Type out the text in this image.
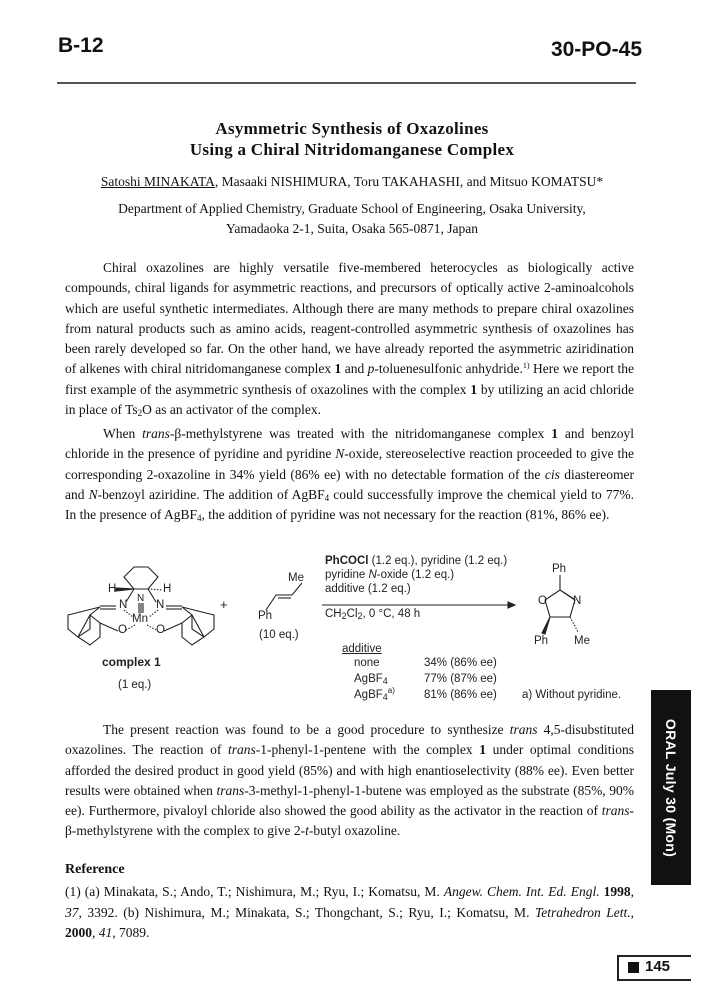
B-12	30-PO-45
Asymmetric Synthesis of Oxazolines
Using a Chiral Nitridomanganese Complex
Satoshi MINAKATA, Masaaki NISHIMURA, Toru TAKAHASHI, and Mitsuo KOMATSU*
Department of Applied Chemistry, Graduate School of Engineering, Osaka University,
Yamadaoka 2-1, Suita, Osaka 565-0871, Japan

Chiral oxazolines are highly versatile five-membered heterocycles as biologically active compounds, chiral ligands for asymmetric reactions, and precursors of optically active 2-aminoalcohols which are useful synthetic intermediates. Although there are many methods to prepare chiral oxazolines from natural products such as amino acids, reagent-controlled asymmetric synthesis of oxazolines has been rarely developed so far. On the other hand, we have already reported the asymmetric aziridination of alkenes with chiral nitridomanganese complex 1 and p-toluenesulfonic anhydride.$^{1)}$ Here we report the first example of the asymmetric synthesis of oxazolines with the complex 1 by utilizing an acid chloride in place of $Ts_2O$ as an activator of the complex.

When trans-β-methylstyrene was treated with the nitridomanganese complex 1 and benzoyl chloride in the presence of pyridine and pyridine N-oxide, stereoselective reaction proceeded to give the corresponding 2-oxazoline in 34% yield (86% ee) with no detectable formation of the cis diastereomer and N-benzoyl aziridine. The addition of AgBF$_4$ could successfully improve the chemical yield to 77%. In the presence of AgBF$_4$, the addition of pyridine was not necessary for the reaction (81%, 86% ee).

H	H
N
N
N
Mn
O	O
complex 1
(1 eq.)
+
Me
Ph
(10 eq.)
PhCOCl (1.2 eq.), pyridine (1.2 eq.)
pyridine N-oxide (1.2 eq.)
additive (1.2 eq.)
$CH_2Cl_2$, 0 °C, 48 h
Ph
O N
Ph Me
additive
none	34% (86% ee)
AgBF$_4$	77% (87% ee)
AgBF$_4^{a)}$	81% (86% ee) a) Without pyridine.

The present reaction was found to be a good procedure to synthesize trans 4,5-disubstituted oxazolines. The reaction of trans-1-phenyl-1-pentene with the complex 1 under optimal conditions afforded the desired product in good yield (85%) and with high enantioselectivity (88% ee). Even better results were obtained when trans-3-methyl-1-phenyl-1-butene was employed as the substrate (85%, 90% ee). Furthermore, pivaloyl chloride also showed the good ability as the activator in the reaction of trans-β-methylstyrene with the complex to give 2-t-butyl oxazoline.	ORAL July 30 (Mon)
Reference
(1) (a) Minakata, S.; Ando, T.; Nishimura, M.; Ryu, I.; Komatsu, M. Angew. Chem. Int. Ed. Engl. 1998, 37, 3392. (b) Nishimura, M.; Minakata, S.; Thongchant, S.; Ryu, I.; Komatsu, M. Tetrahedron Lett., 2000, 41, 7089.
145
